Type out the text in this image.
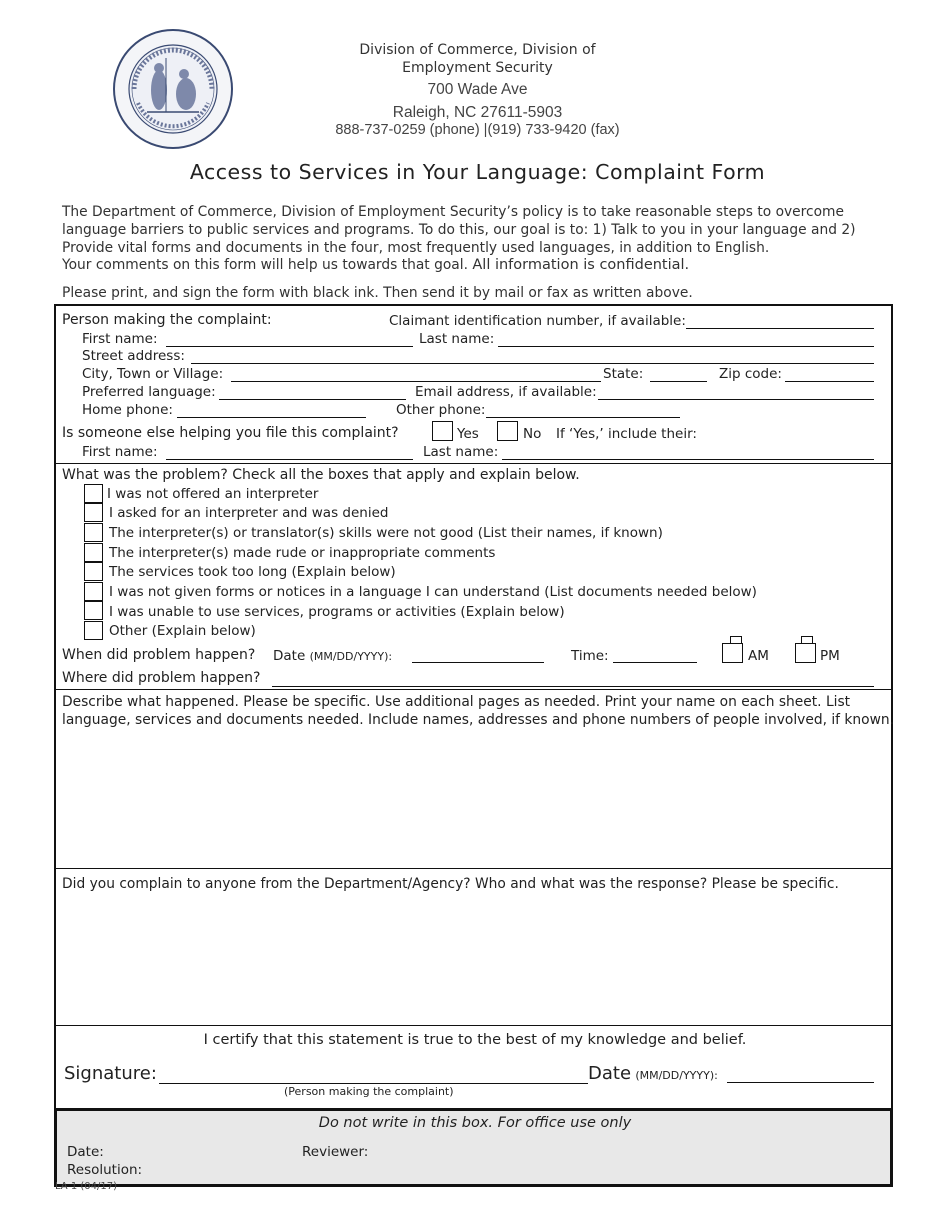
Division of Commerce, Division of
Employment Security
700 Wade Ave
Raleigh, NC 27611-5903
888-737-0259 (phone) |(919) 733-9420 (fax)
Access to Services in Your Language: Complaint Form
The Department of Commerce, Division of Employment Security’s policy is to take reasonable steps to overcome
language barriers to public services and programs. To do this, our goal is to: 1) Talk to you in your language and 2)
Provide vital forms and documents in the four, most frequently used languages, in addition to English.
Your comments on this form will help us towards that goal. All information is confidential.
Please print, and sign the form with black ink. Then send it by mail or fax as written above.
Person making the complaint:	Claimant identification number, if available:
First name:	Last name:
Street address:
City, Town or Village:	State:	Zip code:
Preferred language:	Email address, if available:
Home phone:	Other phone:
Is someone else helping you file this complaint?	Yes	No If ‘Yes,’ include their:
First name:	Last name:
What was the problem? Check all the boxes that apply and explain below.
I was not offered an interpreter
I asked for an interpreter and was denied
The interpreter(s) or translator(s) skills were not good (List their names, if known)
The interpreter(s) made rude or inappropriate comments
The services took too long (Explain below)
I was not given forms or notices in a language I can understand (List documents needed below)
I was unable to use services, programs or activities (Explain below)
Other (Explain below)
When did problem happen? Date (MM/DD/YYYY):	Time:	AM	PM
Where did problem happen?
Describe what happened. Please be specific. Use additional pages as needed. Print your name on each sheet. List
language, services and documents needed. Include names, addresses and phone numbers of people involved, if known.
Did you complain to anyone from the Department/Agency? Who and what was the response? Please be specific.
I certify that this statement is true to the best of my knowledge and belief.
Signature:
(Person making the complaint)
Date (MM/DD/YYYY):
Do not write in this box. For office use only
Date:	Reviewer:
Resolution:
LA 1 (04/17)
